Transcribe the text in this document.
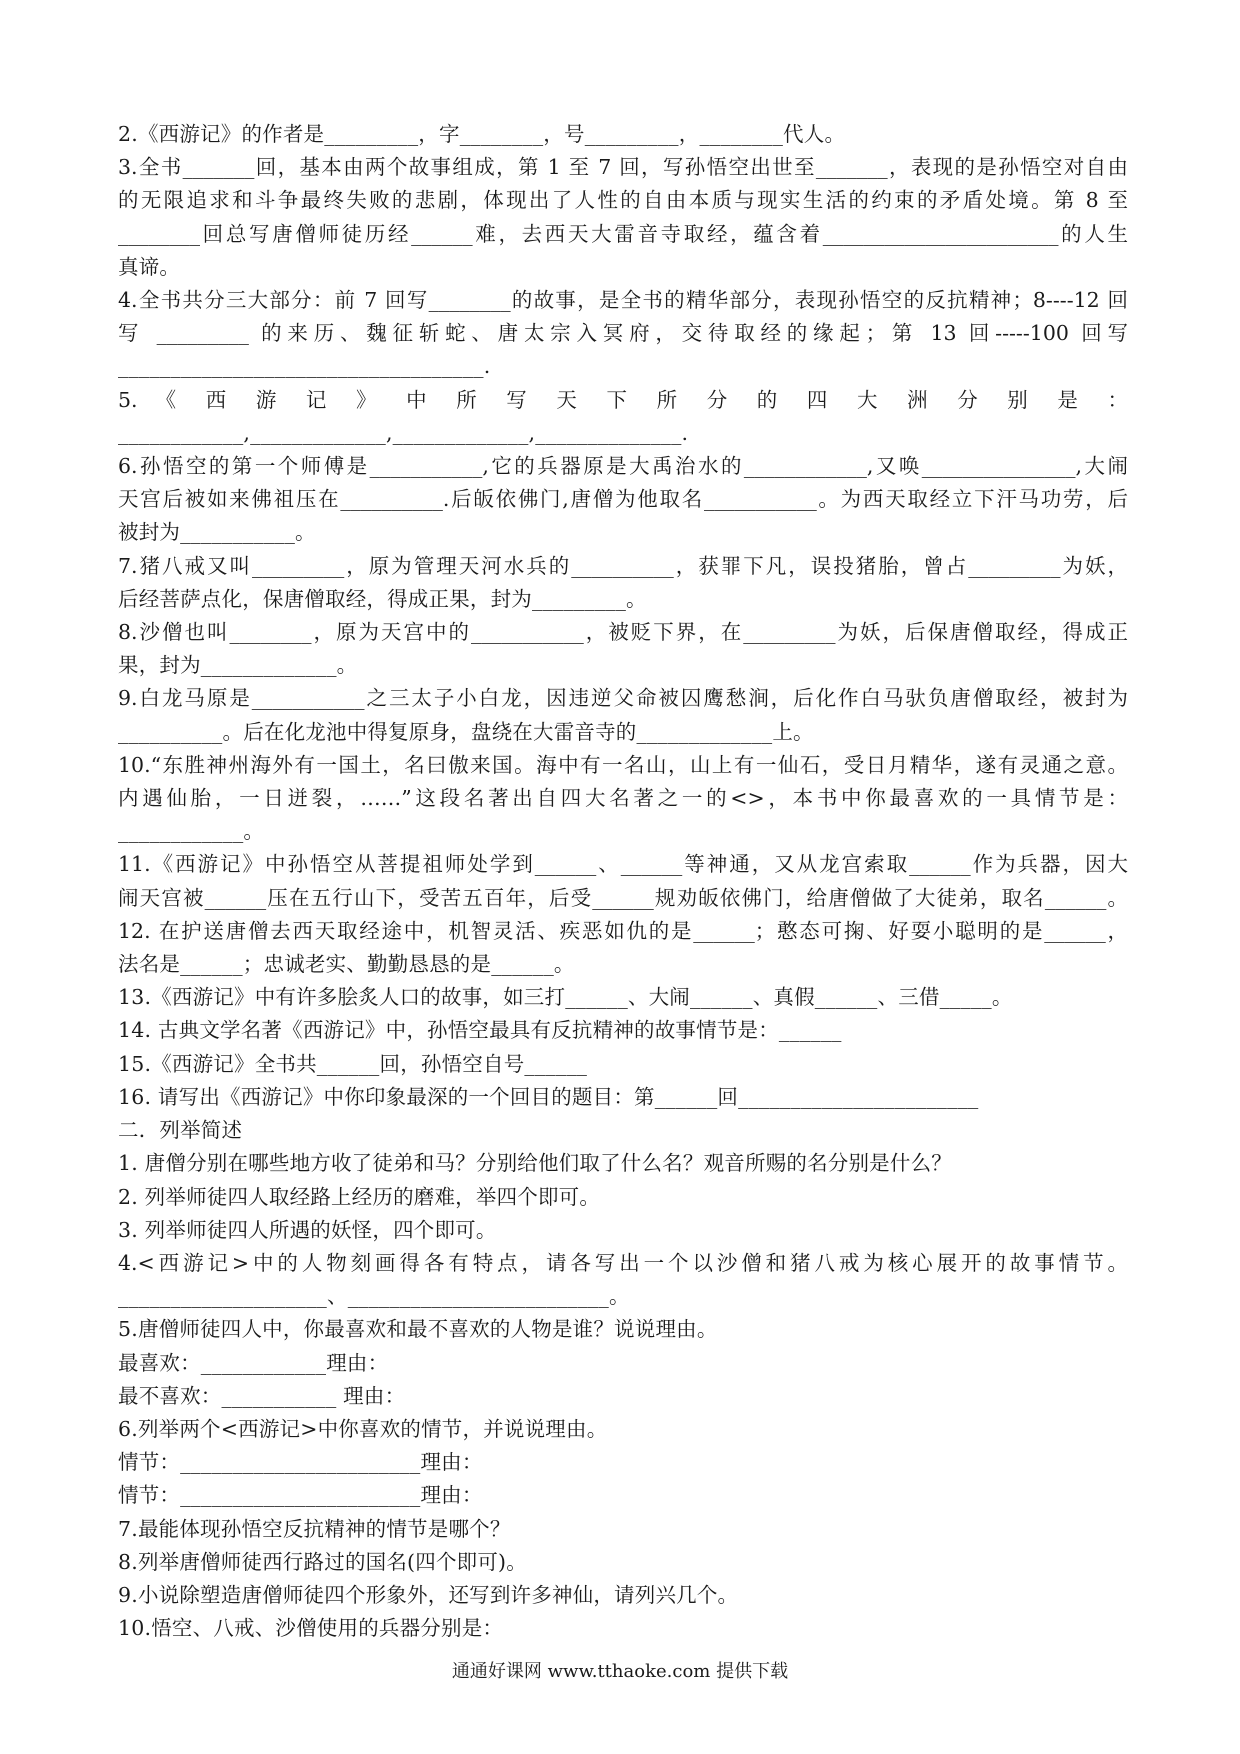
2.《西游记》的作者是_________，字________，号_________，________代人。
3.全书_______回，基本由两个故事组成，第 1 至 7 回，写孙悟空出世至_______，表现的是孙悟空对自由
的无限追求和斗争最终失败的悲剧，体现出了人性的自由本质与现实生活的约束的矛盾处境。第 8 至
________回总写唐僧师徒历经______难，去西天大雷音寺取经，蕴含着_______________________的人生
真谛。
4.全书共分三大部分：前 7 回写________的故事，是全书的精华部分，表现孙悟空的反抗精神；8----12 回
写 _________ 的来历、魏征斩蛇、唐太宗入冥府，交待取经的缘起；第 13 回-----100 回写
___________________________________.
5. 《 西 游 记 》 中 所 写 天 下 所 分 的 四 大 洲 分 别 是 ：
____________,_____________,_____________,______________.
6.孙悟空的第一个师傅是___________,它的兵器原是大禹治水的____________,又唤_______________,大闹
天宫后被如来佛祖压在__________.后皈依佛门,唐僧为他取名___________。为西天取经立下汗马功劳，后
被封为___________。
7.猪八戒又叫_________，原为管理天河水兵的__________，获罪下凡，误投猪胎，曾占_________为妖，
后经菩萨点化，保唐僧取经，得成正果，封为_________。
8.沙僧也叫________，原为天宫中的___________，被贬下界，在_________为妖，后保唐僧取经，得成正
果，封为_____________。
9.白龙马原是___________之三太子小白龙，因违逆父命被囚鹰愁涧，后化作白马驮负唐僧取经，被封为
__________。后在化龙池中得复原身，盘绕在大雷音寺的_____________上。
10.“东胜神州海外有一国土，名曰傲来国。海中有一名山，山上有一仙石，受日月精华，遂有灵通之意。
内遇仙胎，一日迸裂，……”这段名著出自四大名著之一的<>，本书中你最喜欢的一具情节是：
____________。
11.《西游记》中孙悟空从菩提祖师处学到______、______等神通，又从龙宫索取______作为兵器，因大
闹天宫被______压在五行山下，受苦五百年，后受______规劝皈依佛门，给唐僧做了大徒弟，取名______。
12. 在护送唐僧去西天取经途中，机智灵活、疾恶如仇的是______；憨态可掬、好耍小聪明的是______，
法名是______；忠诚老实、勤勤恳恳的是______。
13.《西游记》中有许多脍炙人口的故事，如三打______、大闹______、真假______、三借_____。
14. 古典文学名著《西游记》中，孙悟空最具有反抗精神的故事情节是：______
15.《西游记》全书共______回，孙悟空自号______
16. 请写出《西游记》中你印象最深的一个回目的题目：第______回_______________________
二．列举简述
1. 唐僧分别在哪些地方收了徒弟和马？分别给他们取了什么名？观音所赐的名分别是什么？
2. 列举师徒四人取经路上经历的磨难，举四个即可。
3. 列举师徒四人所遇的妖怪，四个即可。
4.<西游记>中的人物刻画得各有特点，请各写出一个以沙僧和猪八戒为核心展开的故事情节。
____________________、_________________________。
5.唐僧师徒四人中，你最喜欢和最不喜欢的人物是谁？说说理由。
最喜欢：____________理由：
最不喜欢：___________ 理由：
6.列举两个<西游记>中你喜欢的情节，并说说理由。
情节：_______________________理由：
情节：_______________________理由：
7.最能体现孙悟空反抗精神的情节是哪个？
8.列举唐僧师徒西行路过的国名(四个即可)。
9.小说除塑造唐僧师徒四个形象外，还写到许多神仙，请列兴几个。
10.悟空、八戒、沙僧使用的兵器分别是：
通通好课网 www.tthaoke.com 提供下载
